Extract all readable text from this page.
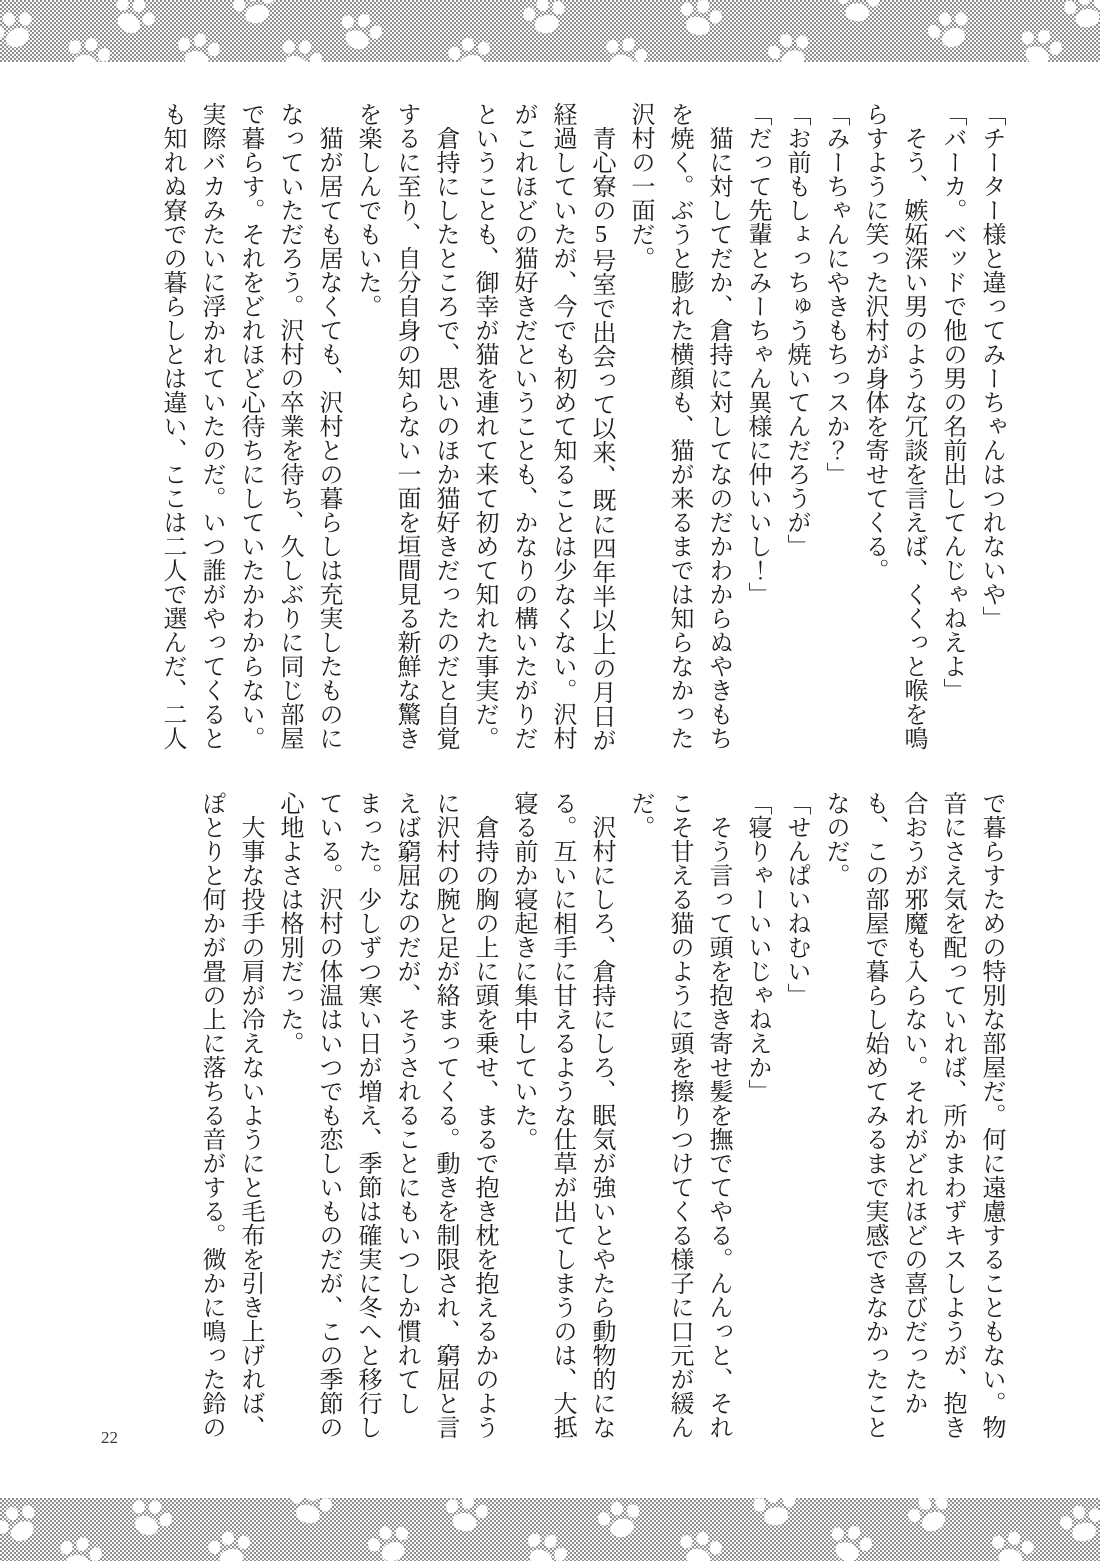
「チーター様と違ってみーちゃんはつれないや」

「バーカ。ベッドで他の男の名前出してんじゃねえよ」

　そう、嫉妬深い男のような冗談を言えば、くくっと喉を鳴

らすように笑った沢村が身体を寄せてくる。

「みーちゃんにやきもちっスか？」

「お前もしょっちゅう焼いてんだろうが」

「だって先輩とみーちゃん異様に仲いいし！」

　猫に対してだか、倉持に対してなのだかわからぬやきもち

を焼く。ぶうと膨れた横顔も、猫が来るまでは知らなかった

沢村の一面だ。

　青心寮の5号室で出会って以来、既に四年半以上の月日が

経過していたが、今でも初めて知ることは少なくない。沢村

がこれほどの猫好きだということも、かなりの構いたがりだ

ということも、御幸が猫を連れて来て初めて知れた事実だ。

　倉持にしたところで、思いのほか猫好きだったのだと自覚

するに至り、自分自身の知らない一面を垣間見る新鮮な驚き

を楽しんでもいた。

　猫が居ても居なくても、沢村との暮らしは充実したものに

なっていただろう。沢村の卒業を待ち、久しぶりに同じ部屋

で暮らす。それをどれほど心待ちにしていたかわからない。

実際バカみたいに浮かれていたのだ。いつ誰がやってくると

も知れぬ寮での暮らしとは違い、ここは二人で選んだ、二人

で暮らすための特別な部屋だ。何に遠慮することもない。物

音にさえ気を配っていれば、所かまわずキスしようが、抱き

合おうが邪魔も入らない。それがどれほどの喜びだったか

も、この部屋で暮らし始めてみるまで実感できなかったこと

なのだ。

「せんぱいねむい」

「寝りゃーいいじゃねえか」

　そう言って頭を抱き寄せ髪を撫でてやる。んんっと、それ

こそ甘える猫のように頭を擦りつけてくる様子に口元が緩ん

だ。

　沢村にしろ、倉持にしろ、眠気が強いとやたら動物的にな

る。互いに相手に甘えるような仕草が出てしまうのは、大抵

寝る前か寝起きに集中していた。

　倉持の胸の上に頭を乗せ、まるで抱き枕を抱えるかのよう

に沢村の腕と足が絡まってくる。動きを制限され、窮屈と言

えば窮屈なのだが、そうされることにもいつしか慣れてし

まった。少しずつ寒い日が増え、季節は確実に冬へと移行し

ている。沢村の体温はいつでも恋しいものだが、この季節の

心地よさは格別だった。

　大事な投手の肩が冷えないようにと毛布を引き上げれば、

ぽとりと何かが畳の上に落ちる音がする。微かに鳴った鈴の

22
